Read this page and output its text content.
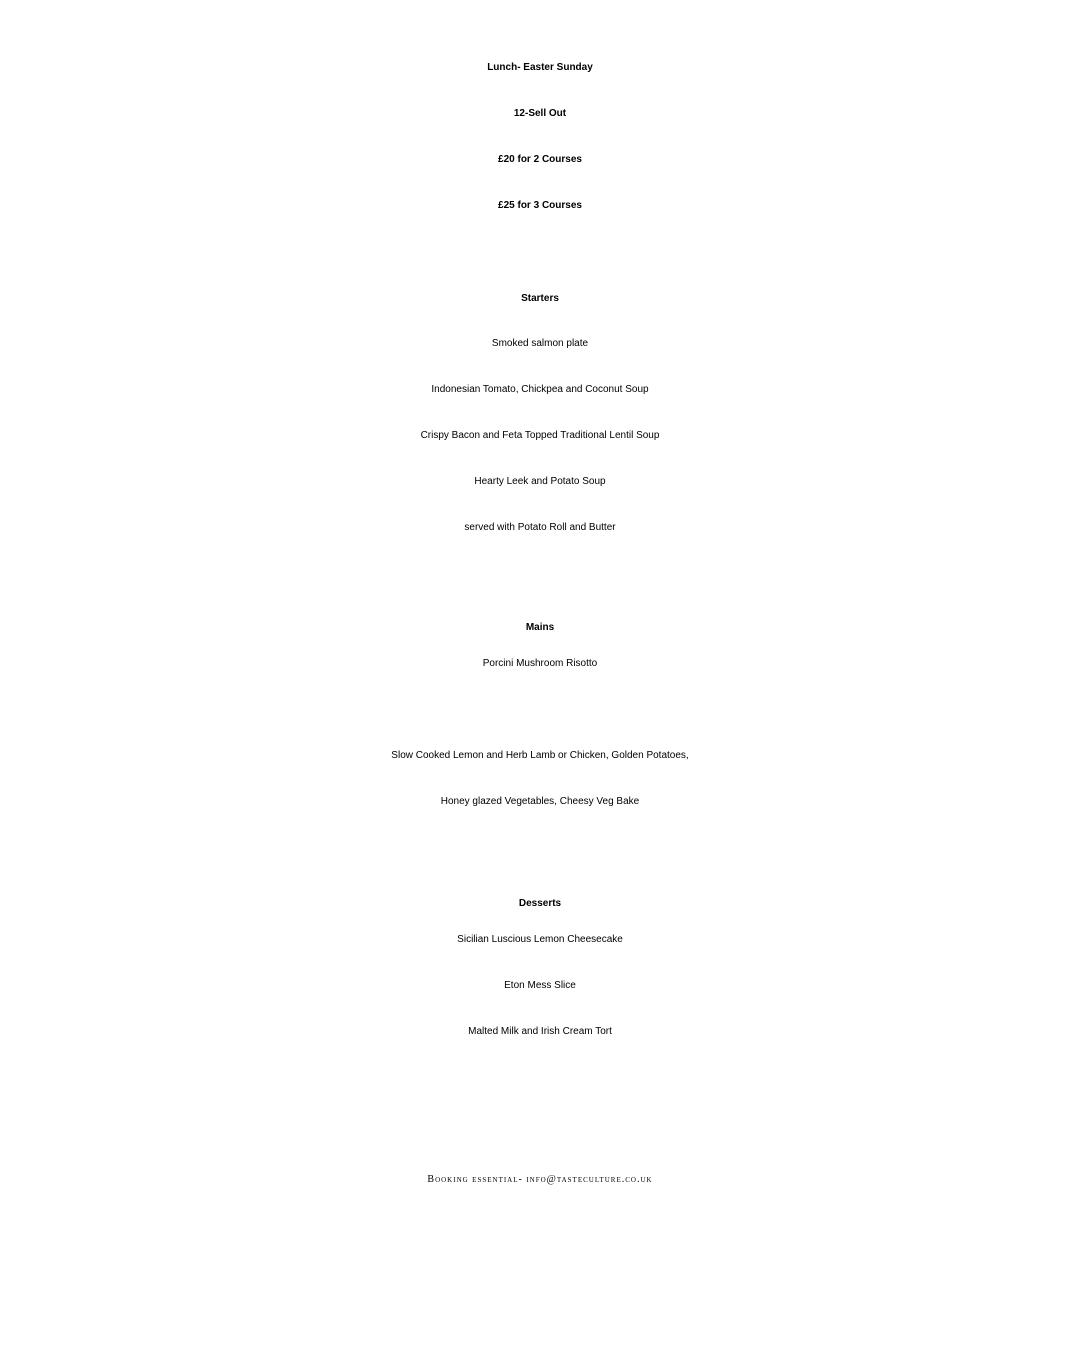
Lunch- Easter Sunday
12-Sell Out
£20 for 2 Courses
£25 for 3 Courses
Starters
Smoked salmon plate
Indonesian Tomato, Chickpea and Coconut Soup
Crispy Bacon and Feta Topped Traditional Lentil Soup
Hearty Leek and Potato Soup
served with Potato Roll and Butter
Mains
Porcini Mushroom Risotto
Slow Cooked Lemon and Herb Lamb or Chicken, Golden Potatoes,
Honey glazed Vegetables, Cheesy Veg Bake
Desserts
Sicilian Luscious Lemon Cheesecake
Eton Mess Slice
Malted Milk and Irish Cream Tort
Booking essential- info@tasteculture.co.uk
